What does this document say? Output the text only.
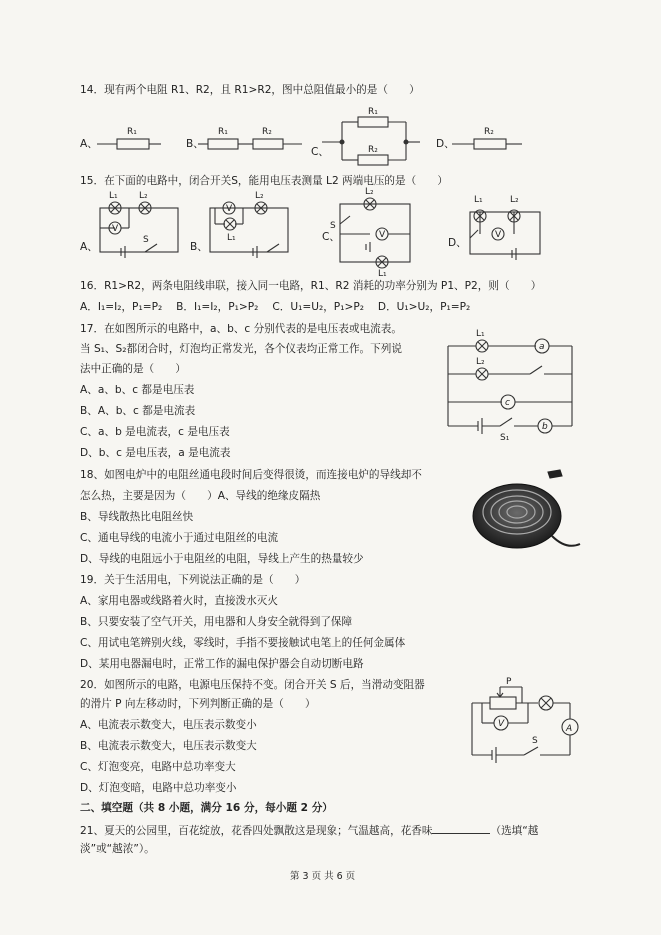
14．现有两个电阻 R1、R2，且 R1>R2，图中总阻值最小的是（　　）
A、	B、
C、
D、
R₁	R₁	R₂
R₁
R₂
R₂
15．在下面的电路中，闭合开关S，能用电压表测量 L2 两端电压的是（　　）
A、	B、
C、	D、
V
L₁ L₂
S
V
L₁
L₂	L₂
V
S
L₁
V
L₁	L₂
16．R1>R2，两条电阻线串联，接入同一电路，R1、R2 消耗的功率分别为 P1、P2，则（　　）
A．I₁=I₂，P₁=P₂　 B．I₁=I₂，P₁>P₂　 C．U₁=U₂，P₁>P₂　 D．U₁>U₂，P₁=P₂
17．在如图所示的电路中，a、b、c 分别代表的是电压表或电流表。
当 S₁、S₂都闭合时，灯泡均正常发光，各个仪表均正常工作。下列说
法中正确的是（　　）
A、a、b、c 都是电压表
B、A、b、c 都是电流表
C、a、b 是电流表，c 是电压表
D、b、c 是电压表，a 是电流表
a
L₁
L₂
c
b
S₁
18、如图电炉中的电阻丝通电段时间后变得很烫，而连接电炉的导线却不
怎么热，主要是因为（　　）A、导线的绝缘皮隔热
B、导线散热比电阻丝快
C、通电导线的电流小于通过电阻丝的电流
D、导线的电阻远小于电阻丝的电阻，导线上产生的热量较少
19．关于生活用电，下列说法正确的是（　　）
A、家用电器或线路着火时，直接泼水灭火
B、只要安装了空气开关，用电器和人身安全就得到了保障
C、用试电笔辨别火线，零线时，手指不要接触试电笔上的任何金属体
D、某用电器漏电时，正常工作的漏电保护器会自动切断电路
20．如图所示的电路，电源电压保持不变。闭合开关 S 后，当滑动变阻器
的滑片 P 向左移动时，下列判断正确的是（　　）
A、电流表示数变大，电压表示数变小
B、电流表示数变大，电压表示数变大
C、灯泡变亮，电路中总功率变大
D、灯泡变暗，电路中总功率变小
P
A
V
S
二、填空题（共 8 小题，满分 16 分，每小题 2 分）
21、夏天的公园里，百花绽放，花香四处飘散这是现象；气温越高，花香味	（选填“越
淡”或“越浓”）。
第 3 页 共 6 页
